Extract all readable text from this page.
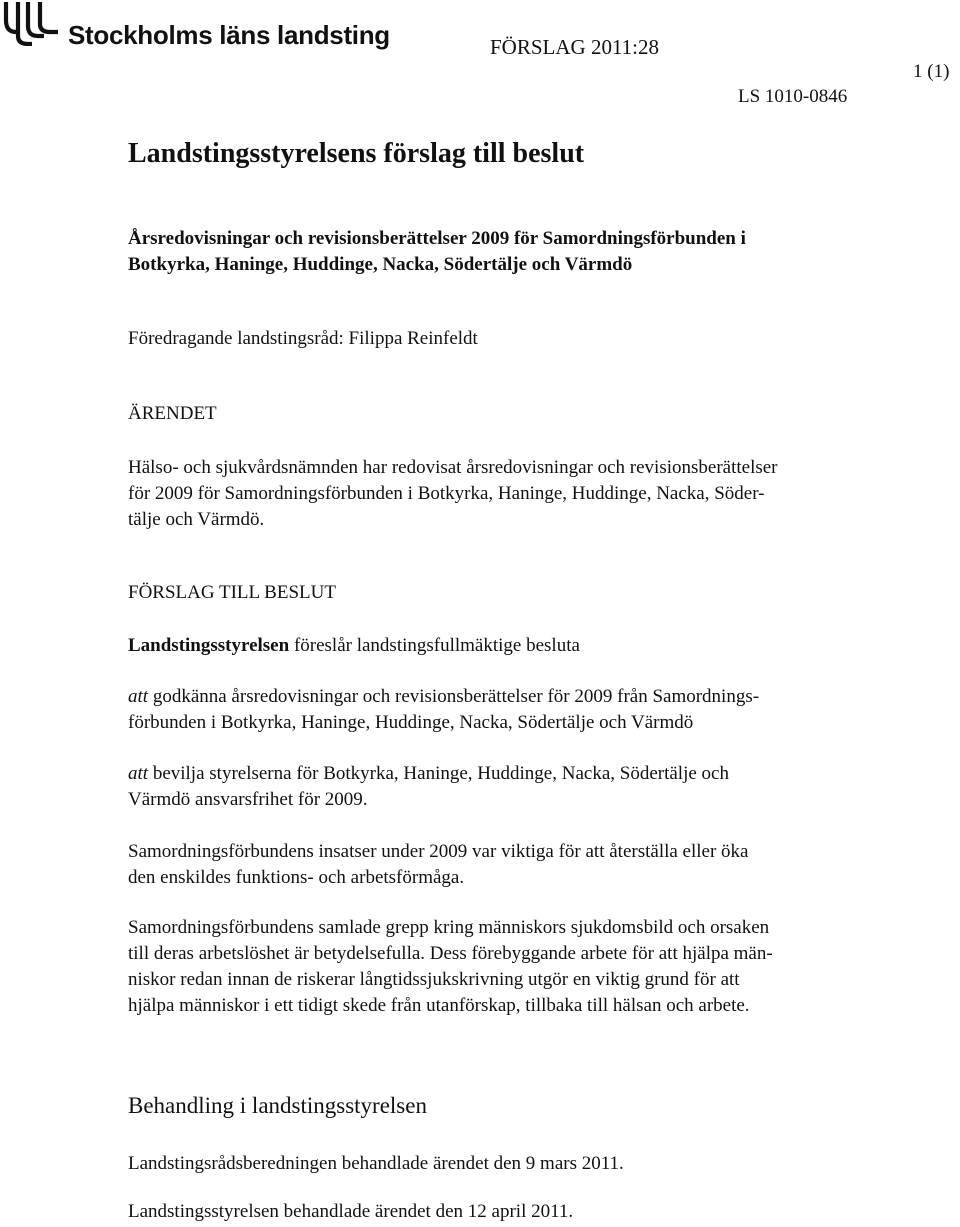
Stockholms läns landsting	FÖRSLAG 2011:28
1 (1)
LS 1010-0846
Landstingsstyrelsens förslag till beslut
Årsredovisningar och revisionsberättelser 2009 för Samordningsförbunden i
Botkyrka, Haninge, Huddinge, Nacka, Södertälje och Värmdö
Föredragande landstingsråd: Filippa Reinfeldt
ÄRENDET
Hälso- och sjukvårdsnämnden har redovisat årsredovisningar och revisionsberättelser
för 2009 för Samordningsförbunden i Botkyrka, Haninge, Huddinge, Nacka, Söder-
tälje och Värmdö.
FÖRSLAG TILL BESLUT
Landstingsstyrelsen föreslår landstingsfullmäktige besluta
att godkänna årsredovisningar och revisionsberättelser för 2009 från Samordnings-
förbunden i Botkyrka, Haninge, Huddinge, Nacka, Södertälje och Värmdö
att bevilja styrelserna för Botkyrka, Haninge, Huddinge, Nacka, Södertälje och
Värmdö ansvarsfrihet för 2009.
Samordningsförbundens insatser under 2009 var viktiga för att återställa eller öka
den enskildes funktions- och arbetsförmåga.
Samordningsförbundens samlade grepp kring människors sjukdomsbild och orsaken
till deras arbetslöshet är betydelsefulla. Dess förebyggande arbete för att hjälpa män-
niskor redan innan de riskerar långtidssjukskrivning utgör en viktig grund för att
hjälpa människor i ett tidigt skede från utanförskap, tillbaka till hälsan och arbete.
Behandling i landstingsstyrelsen
Landstingsrådsberedningen behandlade ärendet den 9 mars 2011.
Landstingsstyrelsen behandlade ärendet den 12 april 2011.
